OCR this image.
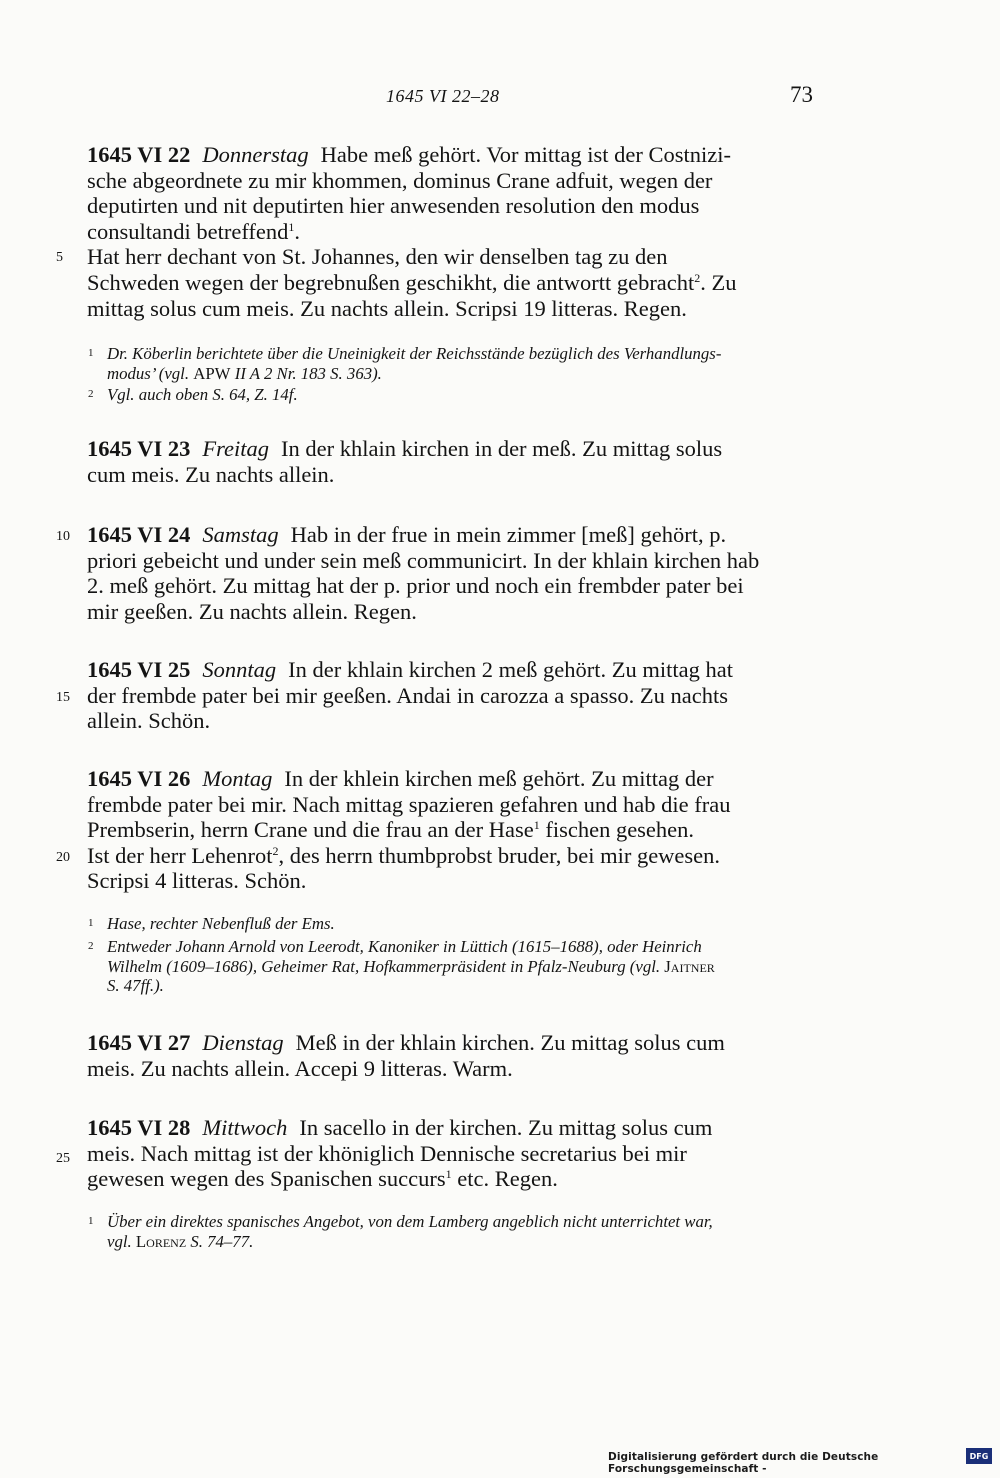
1645 VI 22–28	73

1645 VI 22 Donnerstag Habe meß gehört. Vor mittag ist der Costnizi-
sche abgeordnete zu mir khommen, dominus Crane adfuit, wegen der
deputirten und nit deputirten hier anwesenden resolution den modus
consultandi betreffend$^1$.
Hat herr dechant von St. Johannes, den wir denselben tag zu den
Schweden wegen der begrebnußen geschikht, die antwortt gebracht$^2$. Zu
mittag solus cum meis. Zu nachts allein. Scripsi 19 litteras. Regen.

5
1 Dr. Köberlin berichtete über die Uneinigkeit der Reichsstände bezüglich des Verhandlungs-
modus’ (vgl. APW II A 2 Nr. 183 S. 363).
2 Vgl. auch oben S. 64, Z. 14f.

1645 VI 23 Freitag In der khlain kirchen in der meß. Zu mittag solus
cum meis. Zu nachts allein.

1645 VI 24 Samstag Hab in der frue in mein zimmer [meß] gehört, p.
priori gebeicht und under sein meß communicirt. In der khlain kirchen hab
2. meß gehört. Zu mittag hat der p. prior und noch ein frembder pater bei
mir geeßen. Zu nachts allein. Regen.

10

1645 VI 25 Sonntag In der khlain kirchen 2 meß gehört. Zu mittag hat
der frembde pater bei mir geeßen. Andai in carozza a spasso. Zu nachts
allein. Schön.

15

1645 VI 26 Montag In der khlein kirchen meß gehört. Zu mittag der
frembde pater bei mir. Nach mittag spazieren gefahren und hab die frau
Prembserin, herrn Crane und die frau an der Hase$^1$ fischen gesehen.
Ist der herr Lehenrot$^2$, des herrn thumbprobst bruder, bei mir gewesen.
Scripsi 4 litteras. Schön.

20
1 Hase, rechter Nebenfluß der Ems.
2 Entweder Johann Arnold von Leerodt, Kanoniker in Lüttich (1615–1688), oder Heinrich
Wilhelm (1609–1686), Geheimer Rat, Hofkammerpräsident in Pfalz-Neuburg (vgl. Jaitner
S. 47ff.).

1645 VI 27 Dienstag Meß in der khlain kirchen. Zu mittag solus cum
meis. Zu nachts allein. Accepi 9 litteras. Warm.

1645 VI 28 Mittwoch In sacello in der kirchen. Zu mittag solus cum
meis. Nach mittag ist der khöniglich Dennische secretarius bei mir
gewesen wegen des Spanischen succurs$^1$ etc. Regen.

25
1 Über ein direktes spanisches Angebot, von dem Lamberg angeblich nicht unterrichtet war,
vgl. Lorenz S. 74–77.
Digitalisierung gefördert durch die Deutsche Forschungsgemeinschaft -
DFG
